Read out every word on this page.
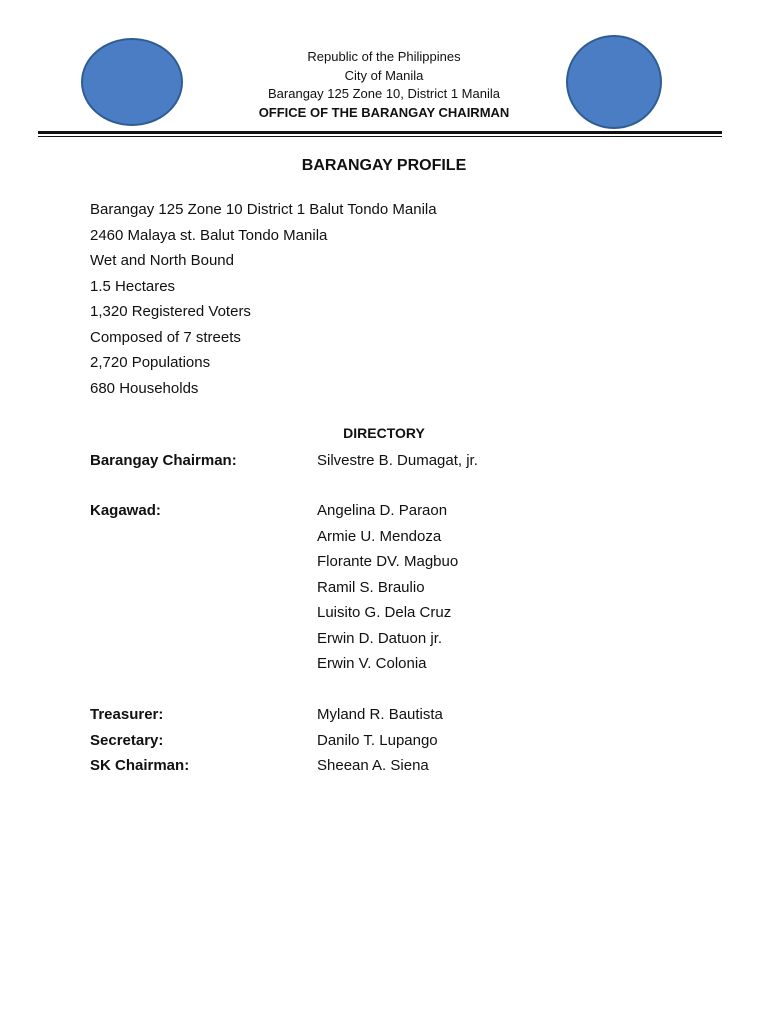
Republic of the Philippines
City of Manila
Barangay 125 Zone 10, District 1 Manila
OFFICE OF THE BARANGAY CHAIRMAN
BARANGAY PROFILE
Barangay 125 Zone 10 District 1 Balut Tondo Manila
2460 Malaya st. Balut Tondo Manila
Wet and North Bound
1.5 Hectares
1,320 Registered Voters
Composed of 7 streets
2,720 Populations
680 Households
DIRECTORY
Barangay Chairman:	Silvestre B. Dumagat, jr.
Kagawad:	Angelina D. Paraon
Armie U. Mendoza
Florante DV. Magbuo
Ramil S. Braulio
Luisito G. Dela Cruz
Erwin D. Datuon jr.
Erwin V. Colonia
Treasurer:	Myland R. Bautista
Secretary:	Danilo T. Lupango
SK Chairman:	Sheean A. Siena
